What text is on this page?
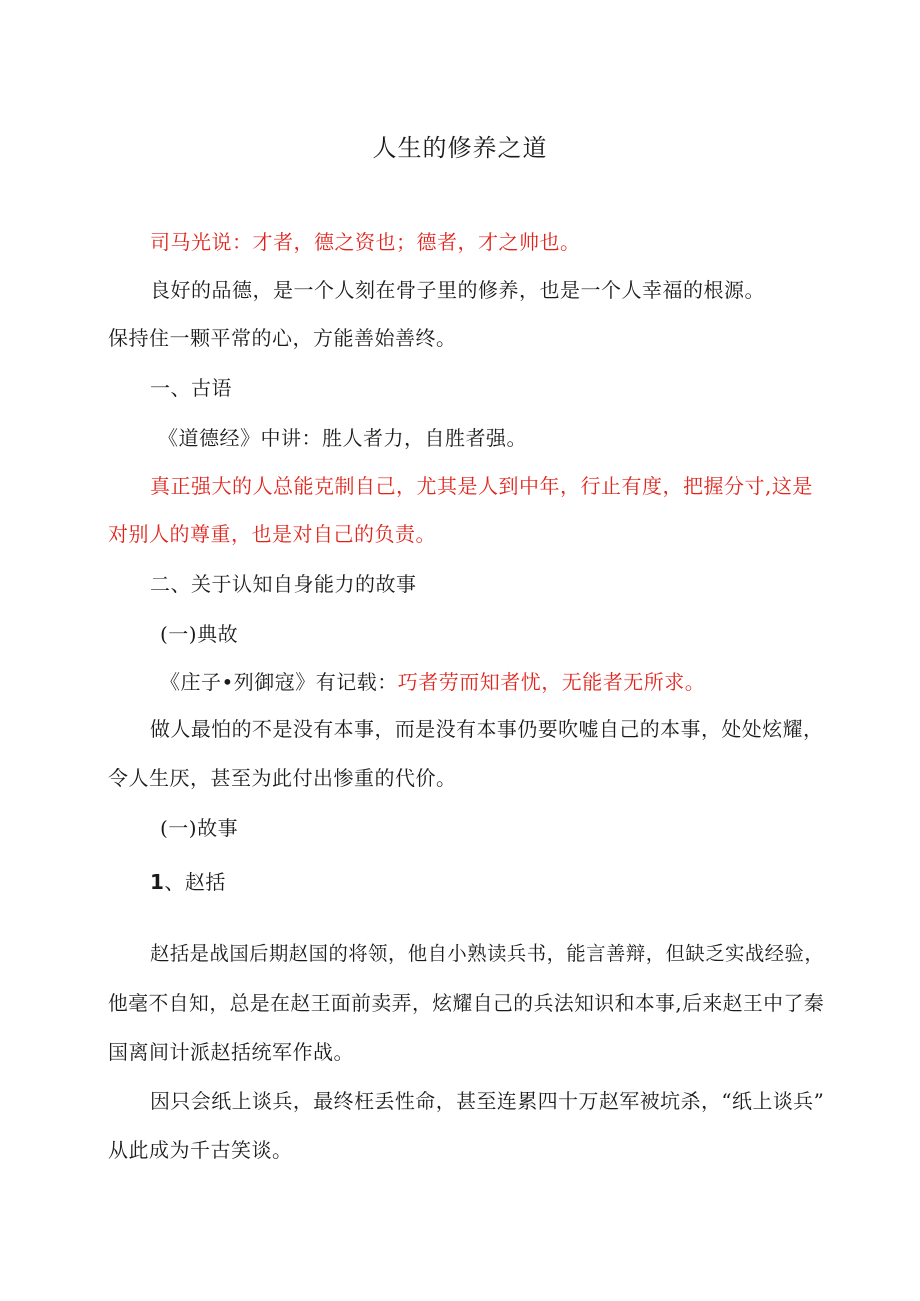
人生的修养之道
司马光说：才者，德之资也；德者，才之帅也。
良好的品德，是一个人刻在骨子里的修养，也是一个人幸福的根源。
保持住一颗平常的心，方能善始善终。
一、古语
《道德经》中讲：胜人者力，自胜者强。
真正强大的人总能克制自己，尤其是人到中年，行止有度，把握分寸,这是
对别人的尊重，也是对自己的负责。
二、关于认知自身能力的故事
(一)典故
《庄子•列御寇》有记载：巧者劳而知者忧，无能者无所求。
做人最怕的不是没有本事，而是没有本事仍要吹嘘自己的本事，处处炫耀，
令人生厌，甚至为此付出惨重的代价。
(一)故事
1、赵括
赵括是战国后期赵国的将领，他自小熟读兵书，能言善辩，但缺乏实战经验，
他毫不自知，总是在赵王面前卖弄，炫耀自己的兵法知识和本事,后来赵王中了秦
国离间计派赵括统军作战。
因只会纸上谈兵，最终枉丢性命，甚至连累四十万赵军被坑杀，“纸上谈兵”
从此成为千古笑谈。
